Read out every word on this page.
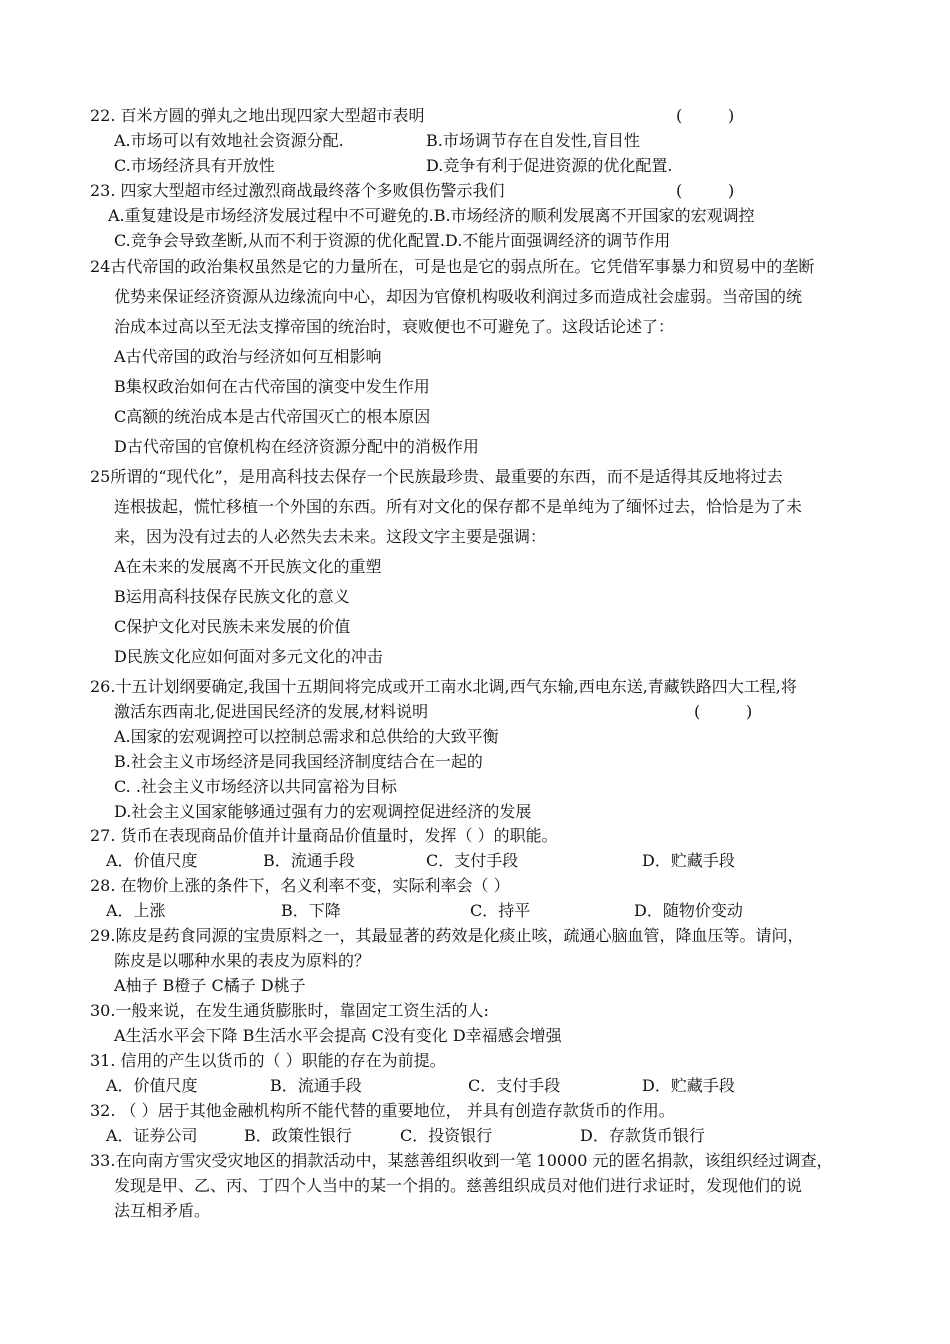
22. 百米方圆的弹丸之地出现四家大型超市表明	(         )
A.市场可以有效地社会资源分配.	B.市场调节存在自发性,盲目性
C.市场经济具有开放性	D.竞争有利于促进资源的优化配置.
23. 四家大型超市经过激烈商战最终落个多败俱伤警示我们	(         )
A.重复建设是市场经济发展过程中不可避免的.B.市场经济的顺利发展离不开国家的宏观调控
C.竞争会导致垄断,从而不利于资源的优化配置.D.不能片面强调经济的调节作用
24古代帝国的政治集权虽然是它的力量所在，可是也是它的弱点所在。它凭借军事暴力和贸易中的垄断
优势来保证经济资源从边缘流向中心，却因为官僚机构吸收利润过多而造成社会虚弱。当帝国的统
治成本过高以至无法支撑帝国的统治时，衰败便也不可避免了。这段话论述了：
A古代帝国的政治与经济如何互相影响
B集权政治如何在古代帝国的演变中发生作用
C高额的统治成本是古代帝国灭亡的根本原因
D古代帝国的官僚机构在经济资源分配中的消极作用
25所谓的“现代化”，是用高科技去保存一个民族最珍贵、最重要的东西，而不是适得其反地将过去
连根拔起，慌忙移植一个外国的东西。所有对文化的保存都不是单纯为了缅怀过去，恰恰是为了未
来，因为没有过去的人必然失去未来。这段文字主要是强调：
A在未来的发展离不开民族文化的重塑
B运用高科技保存民族文化的意义
C保护文化对民族未来发展的价值
D民族文化应如何面对多元文化的冲击
26.十五计划纲要确定,我国十五期间将完成或开工南水北调,西气东输,西电东送,青藏铁路四大工程,将
激活东西南北,促进国民经济的发展,材料说明	(         )
A.国家的宏观调控可以控制总需求和总供给的大致平衡
B.社会主义市场经济是同我国经济制度结合在一起的
C. .社会主义市场经济以共同富裕为目标
D.社会主义国家能够通过强有力的宏观调控促进经济的发展
27. 货币在表现商品价值并计量商品价值量时，发挥（ ）的职能。
A．价值尺度	B．流通手段	C．支付手段	D．贮藏手段
28. 在物价上涨的条件下，名义利率不变，实际利率会（ ）
A．上涨	B．下降	C．持平	D．随物价变动
29.陈皮是药食同源的宝贵原料之一，其最显著的药效是化痰止咳，疏通心脑血管，降血压等。请问，
陈皮是以哪种水果的表皮为原料的？
A柚子 B橙子 C橘子 D桃子
30.一般来说，在发生通货膨胀时，靠固定工资生活的人:
A生活水平会下降 B生活水平会提高 C没有变化 D幸福感会增强
31. 信用的产生以货币的（ ）职能的存在为前提。
A．价值尺度	B．流通手段	C．支付手段	D．贮藏手段
32. （ ）居于其他金融机构所不能代替的重要地位， 并具有创造存款货币的作用。
A．证券公司	B．政策性银行	C．投资银行	D．存款货币银行
33.在向南方雪灾受灾地区的捐款活动中，某慈善组织收到一笔 10000 元的匿名捐款，该组织经过调查，
发现是甲、乙、丙、丁四个人当中的某一个捐的。慈善组织成员对他们进行求证时，发现他们的说
法互相矛盾。
